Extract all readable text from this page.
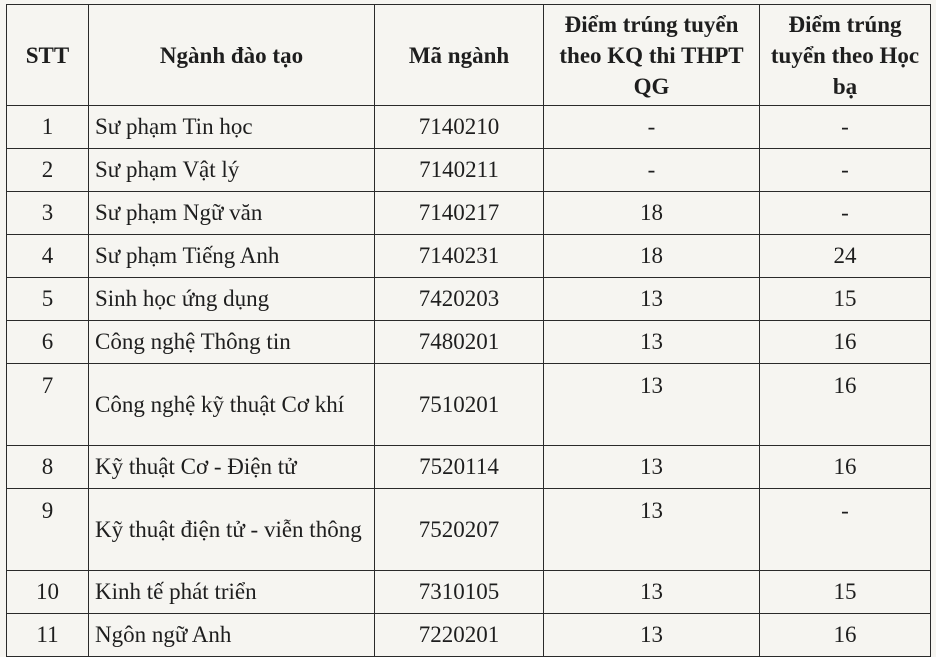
STT	Ngành đào tạo	Mã ngành	Điểm trúng tuyển theo KQ thi THPT QG	Điểm trúng tuyển theo Học bạ
1	Sư phạm Tin học	7140210	-	-
2	Sư phạm Vật lý	7140211	-	-
3	Sư phạm Ngữ văn	7140217	18	-
4	Sư phạm Tiếng Anh	7140231	18	24
5	Sinh học ứng dụng	7420203	13	15
6	Công nghệ Thông tin	7480201	13	16
7	Công nghệ kỹ thuật Cơ khí	7510201	13	16
8	Kỹ thuật Cơ - Điện tử	7520114	13	16
9	Kỹ thuật điện tử - viễn thông	7520207	13	-
10	Kinh tế phát triển	7310105	13	15
11	Ngôn ngữ Anh	7220201	13	16
